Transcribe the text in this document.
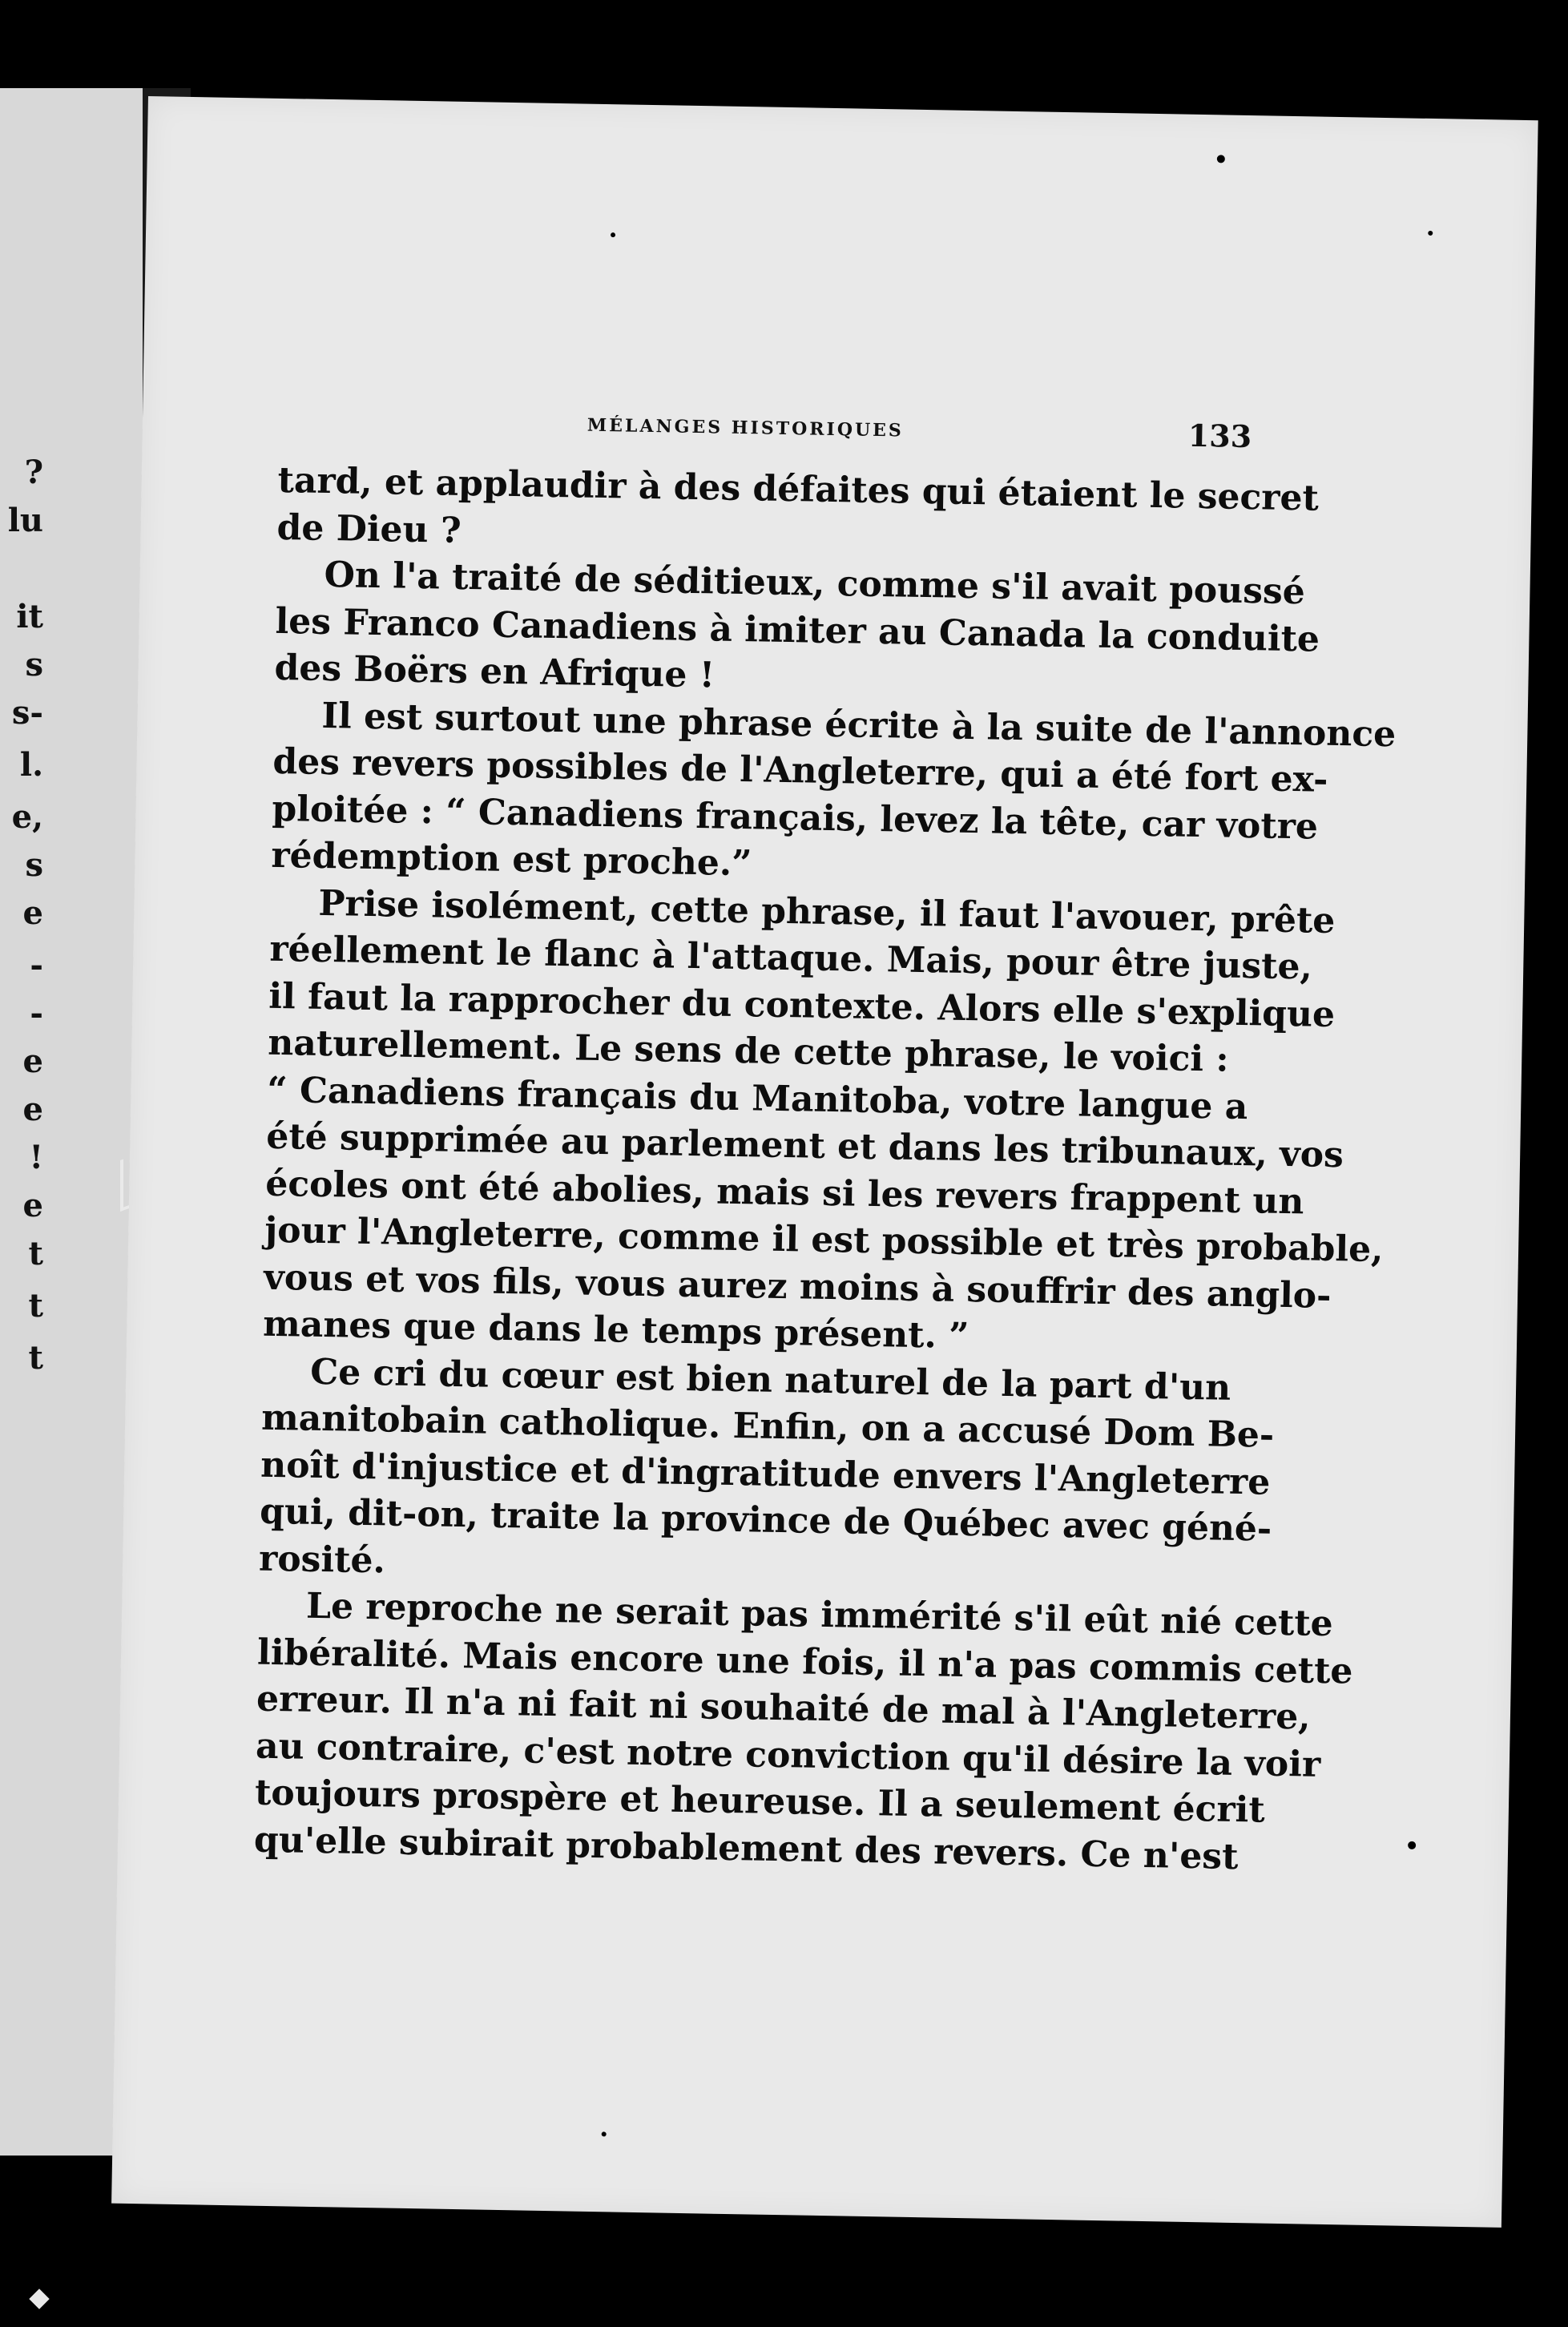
?
lu
it
s
s-
l.
e,
s
e
-
-
e
e
!
e
t
t
t
MÉLANGES HISTORIQUES	133

tard, et applaudir à des défaites qui étaient le secret
de Dieu ?

On l'a traité de séditieux, comme s'il avait poussé
les Franco Canadiens à imiter au Canada la conduite
des Boërs en Afrique !

Il est surtout une phrase écrite à la suite de l'annonce
des revers possibles de l'Angleterre, qui a été fort ex-
ploitée : “ Canadiens français, levez la tête, car votre
rédemption est proche.”

Prise isolément, cette phrase, il faut l'avouer, prête
réellement le flanc à l'attaque. Mais, pour être juste,
il faut la rapprocher du contexte. Alors elle s'explique
naturellement. Le sens de cette phrase, le voici :
“ Canadiens français du Manitoba, votre langue a
été supprimée au parlement et dans les tribunaux, vos
écoles ont été abolies, mais si les revers frappent un
jour l'Angleterre, comme il est possible et très probable,
vous et vos fils, vous aurez moins à souffrir des anglo-
manes que dans le temps présent. ”

Ce cri du cœur est bien naturel de la part d'un
manitobain catholique. Enfin, on a accusé Dom Be-
noît d'injustice et d'ingratitude envers l'Angleterre
qui, dit-on, traite la province de Québec avec géné-
rosité.

Le reproche ne serait pas immérité s'il eût nié cette
libéralité. Mais encore une fois, il n'a pas commis cette
erreur. Il n'a ni fait ni souhaité de mal à l'Angleterre,
au contraire, c'est notre conviction qu'il désire la voir
toujours prospère et heureuse. Il a seulement écrit
qu'elle subirait probablement des revers. Ce n'est
